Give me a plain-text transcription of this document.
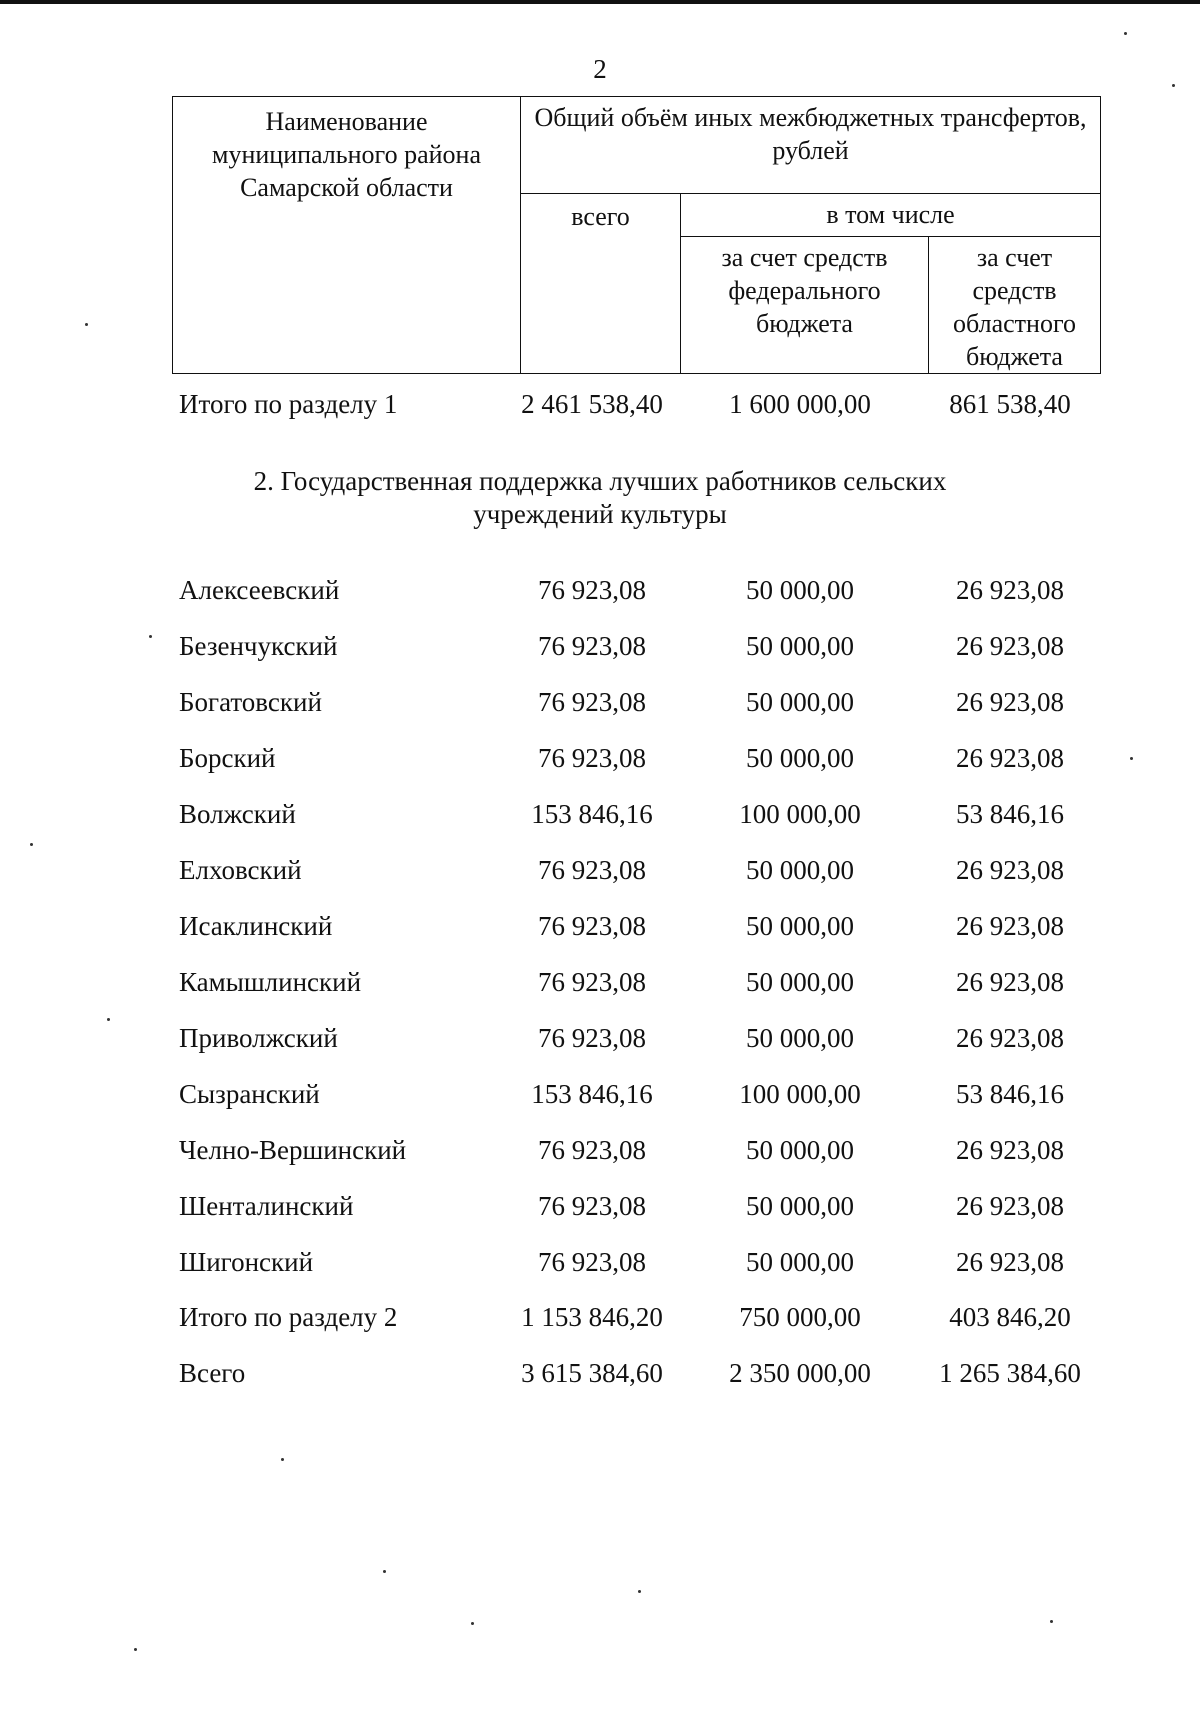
2
Наименование муниципального района Самарской области	Общий объём иных межбюджетных трансфертов, рублей		
	всего	в том числе	
		за счет средств федерального бюджета	за счет средств областного бюджета
Итого по разделу 1	2 461 538,40	1 600 000,00	861 538,40
2. Государственная поддержка лучших работников сельских учреждений культуры
Алексеевский	76 923,08	50 000,00	26 923,08
Безенчукский	76 923,08	50 000,00	26 923,08
Богатовский	76 923,08	50 000,00	26 923,08
Борский	76 923,08	50 000,00	26 923,08
Волжский	153 846,16	100 000,00	53 846,16
Елховский	76 923,08	50 000,00	26 923,08
Исаклинский	76 923,08	50 000,00	26 923,08
Камышлинский	76 923,08	50 000,00	26 923,08
Приволжский	76 923,08	50 000,00	26 923,08
Сызранский	153 846,16	100 000,00	53 846,16
Челно-Вершинский	76 923,08	50 000,00	26 923,08
Шенталинский	76 923,08	50 000,00	26 923,08
Шигонский	76 923,08	50 000,00	26 923,08
Итого по разделу 2	1 153 846,20	750 000,00	403 846,20
Всего	3 615 384,60	2 350 000,00	1 265 384,60
